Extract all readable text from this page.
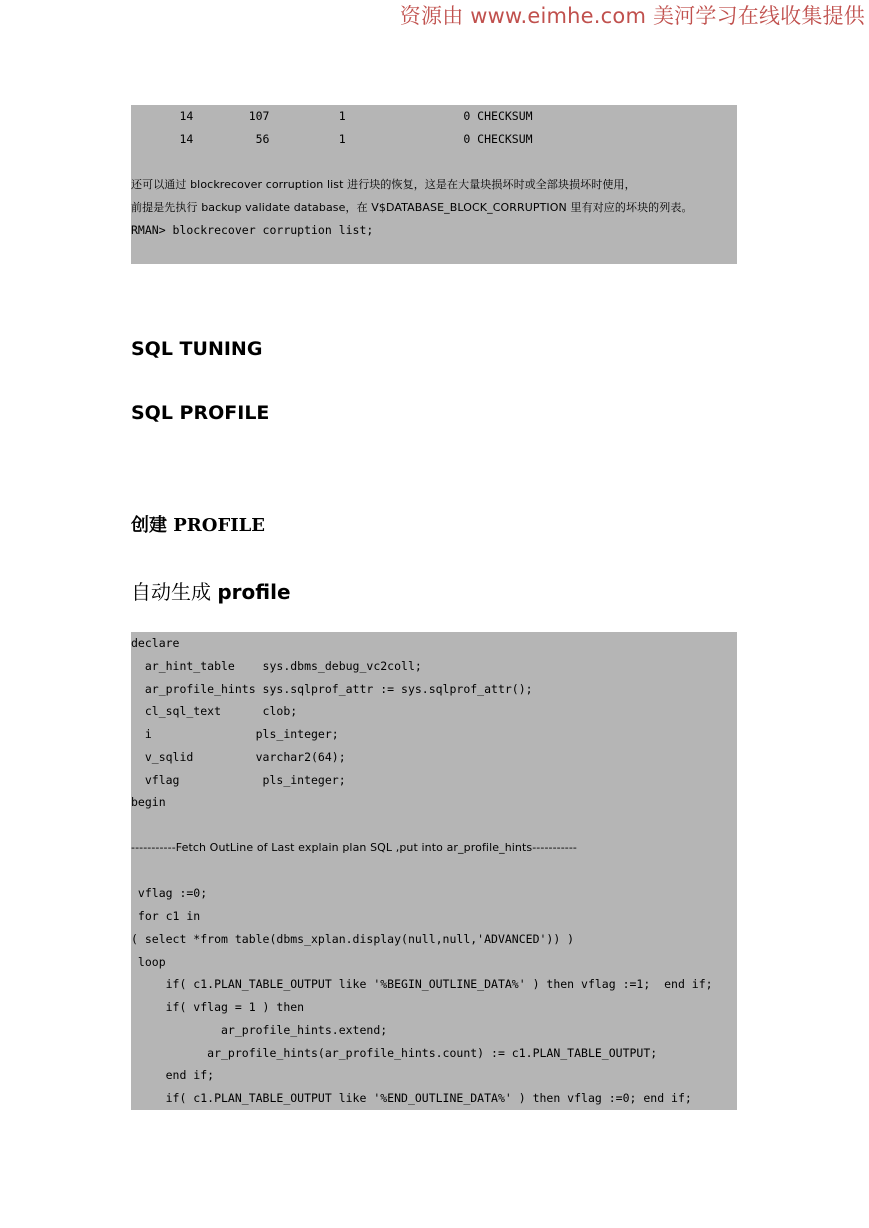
资源由 www.eimhe.com 美河学习在线收集提供
14        107          1                 0 CHECKSUM
14         56          1                 0 CHECKSUM
还可以通过 blockrecover corruption list 进行块的恢复，这是在大量块损坏时或全部块损坏时使用，
前提是先执行 backup validate database，在 V$DATABASE_BLOCK_CORRUPTION 里有对应的坏块的列表。
RMAN> blockrecover corruption list;
SQL TUNING
SQL PROFILE
创建 PROFILE
自动生成 profile
declare
ar_hint_table    sys.dbms_debug_vc2coll;
ar_profile_hints sys.sqlprof_attr := sys.sqlprof_attr();
cl_sql_text      clob;
i               pls_integer;
v_sqlid         varchar2(64);
vflag            pls_integer;
begin
-----------Fetch OutLine of Last explain plan SQL ,put into ar_profile_hints-----------
vflag :=0;
for c1 in
( select *from table(dbms_xplan.display(null,null,'ADVANCED')) )
loop
if( c1.PLAN_TABLE_OUTPUT like '%BEGIN_OUTLINE_DATA%' ) then vflag :=1;  end if;
if( vflag = 1 ) then
ar_profile_hints.extend;
ar_profile_hints(ar_profile_hints.count) := c1.PLAN_TABLE_OUTPUT;
end if;
if( c1.PLAN_TABLE_OUTPUT like '%END_OUTLINE_DATA%' ) then vflag :=0; end if;
